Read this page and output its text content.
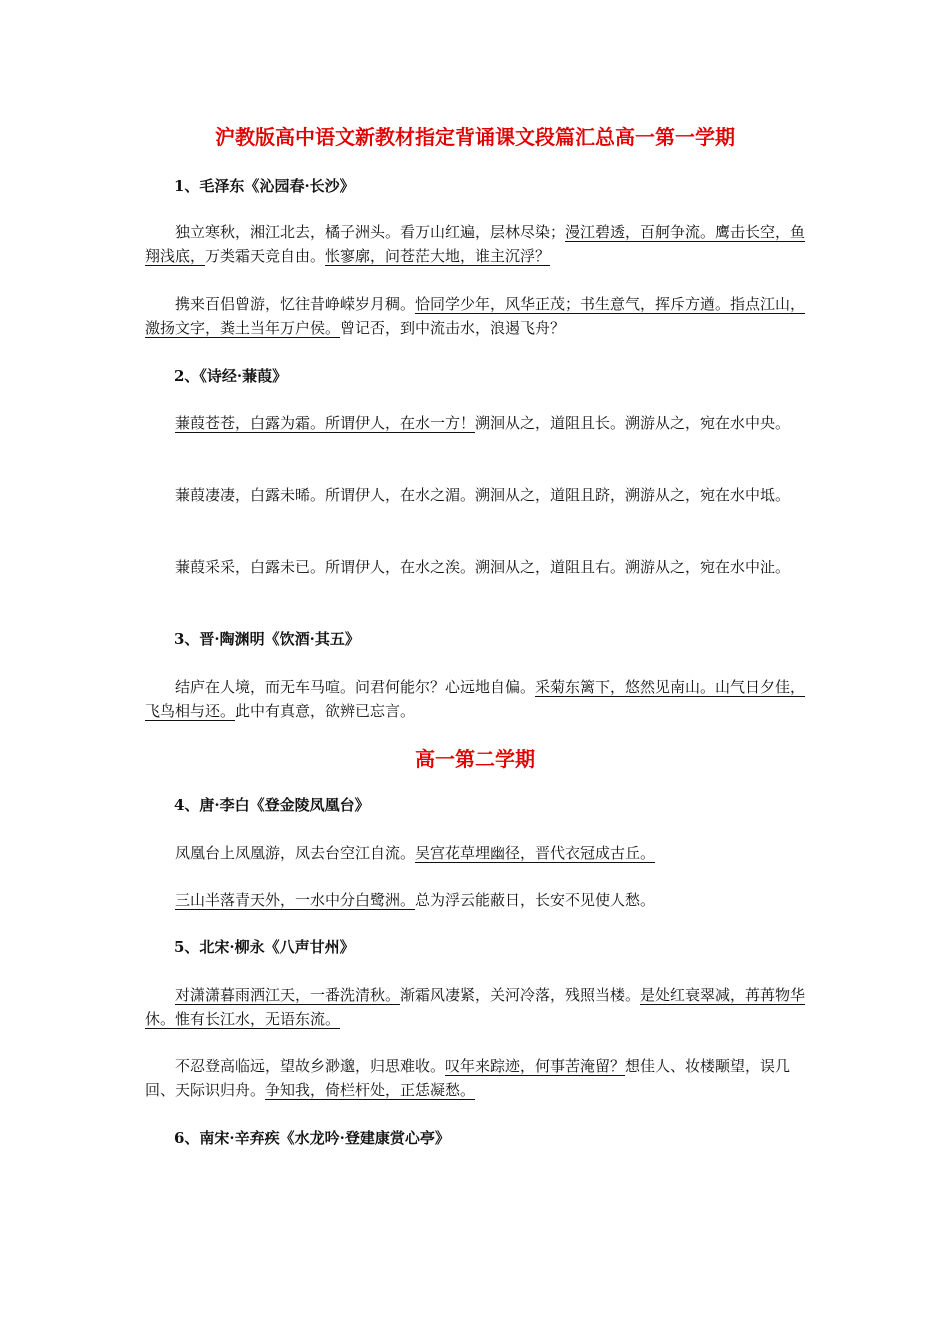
沪教版高中语文新教材指定背诵课文段篇汇总高一第一学期
1、毛泽东《沁园春·长沙》

独立寒秋，湘江北去，橘子洲头。看万山红遍，层林尽染；漫江碧透，百舸争流。鹰击长空，鱼翔浅底，万类霜天竞自由。怅寥廓，问苍茫大地，谁主沉浮？

携来百侣曾游，忆往昔峥嵘岁月稠。恰同学少年，风华正茂；书生意气，挥斥方遒。指点江山，激扬文字，粪土当年万户侯。曾记否，到中流击水，浪遏飞舟？

2、《诗经·蒹葭》

蒹葭苍苍，白露为霜。所谓伊人，在水一方！溯洄从之，道阻且长。溯游从之，宛在水中央。

蒹葭凄凄，白露未晞。所谓伊人，在水之湄。溯洄从之，道阻且跻，溯游从之，宛在水中坻。

蒹葭采采，白露未已。所谓伊人，在水之涘。溯洄从之，道阻且右。溯游从之，宛在水中沚。

3、晋·陶渊明《饮酒·其五》

结庐在人境，而无车马喧。问君何能尔？心远地自偏。采菊东篱下，悠然见南山。山气日夕佳，飞鸟相与还。此中有真意，欲辨已忘言。

高一第二学期
4、唐·李白《登金陵凤凰台》

凤凰台上凤凰游，凤去台空江自流。吴宫花草埋幽径，晋代衣冠成古丘。

三山半落青天外，一水中分白鹭洲。总为浮云能蔽日，长安不见使人愁。

5、北宋·柳永《八声甘州》

对潇潇暮雨洒江天，一番洗清秋。渐霜风凄紧，关河冷落，残照当楼。是处红衰翠减，苒苒物华休。惟有长江水，无语东流。

不忍登高临远，望故乡渺邈，归思难收。叹年来踪迹，何事苦淹留？想佳人、妆楼颙望，误几回、天际识归舟。争知我，倚栏杆处，正恁凝愁。

6、南宋·辛弃疾《水龙吟·登建康赏心亭》
